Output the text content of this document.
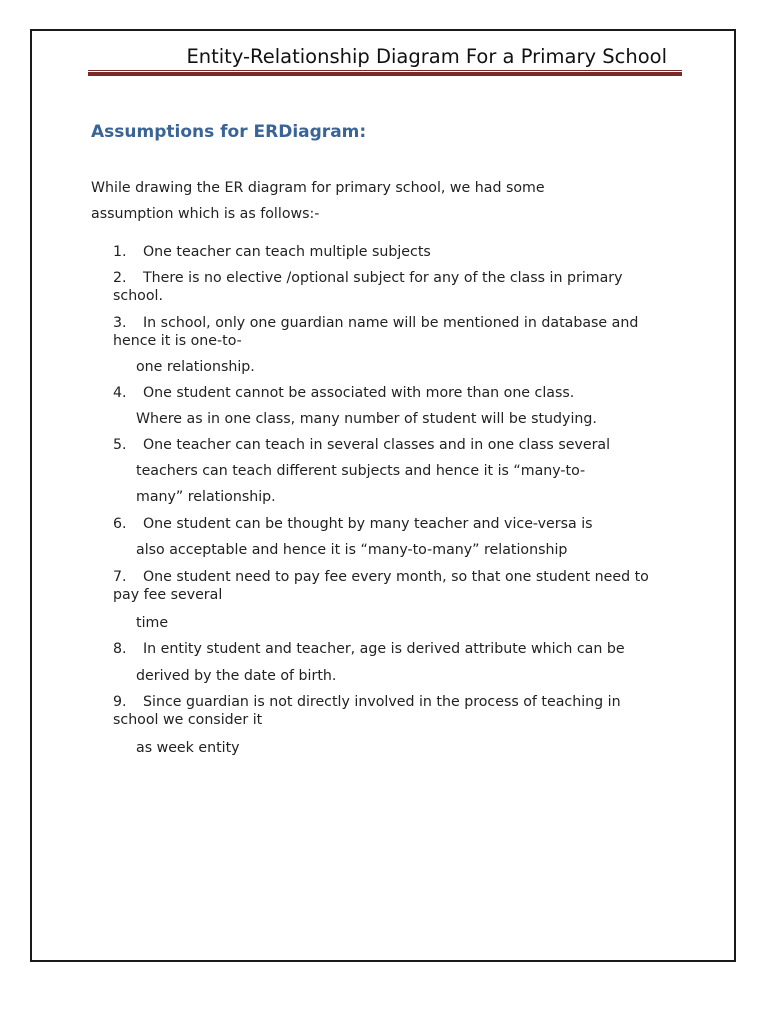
Entity-Relationship Diagram For a Primary School
Assumptions for ERDiagram:
While drawing the ER diagram for primary school, we had some
assumption which is as follows:-
1. One teacher can teach multiple subjects
2. There is no elective /optional subject for any of the class in primary
school.
3. In school, only one guardian name will be mentioned in database and
hence it is one-to-
one relationship.
4. One student cannot be associated with more than one class.
Where as in one class, many number of student will be studying.
5. One teacher can teach in several classes and in one class several
teachers can teach different subjects and hence it is “many-to-
many” relationship.
6. One student can be thought by many teacher and vice-versa is
also acceptable and hence it is “many-to-many” relationship
7. One student need to pay fee every month, so that one student need to
pay fee several
time
8. In entity student and teacher, age is derived attribute which can be
derived by the date of birth.
9. Since guardian is not directly involved in the process of teaching in
school we consider it
as week entity
